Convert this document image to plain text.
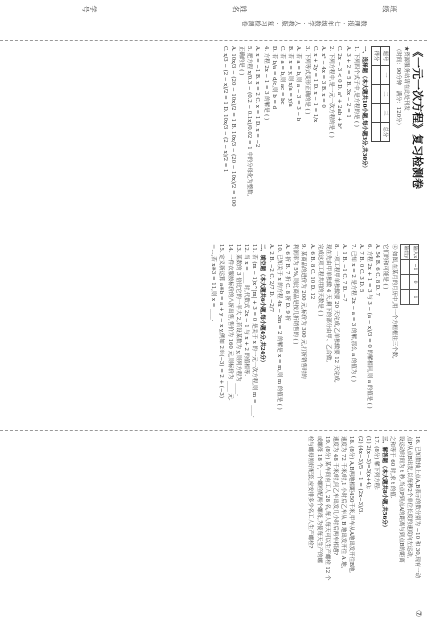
班级
姓名
学号
数理报 · 七年级数学 · 人教版 · 复习检测卷

《一元一次方程》复习检测卷

★资源服务站请在此处刊发

（时间：90分钟　满分：120分）

题号	一	二	三	总分
得分				

一、选择题（本大题共10小题,每小题3分,共30分）

1. 下列四个式子中,是方程的是 ( )

A. 3 + 2 = 5 B. 3x − 2 = 1

C. 2x − 3 < 0 D. a² + 2ab + b²

2. 下列方程中,是一元一次方程的是 ( )

A. x² − 4x = 3 B. x = 0

C. x + 2y = 1 D. x − 1 = 1/x

3. 下列等式变形正确的是 ( )

A. 若 a = b,则 a − 3 = 3 − b

B. 若 x = y,则 x/a = y/a

C. 若 a = b,则 ac = bc

D. 若 b/a = d/c,则 b = d

4. 方程 2x − 1 = 3 的解是 ( )

A. x = −1 B. x = 2 C. x = 1 D. x = −2

5. 把方程 x/0.3 − (0.2 − 0.1x)/0.02 = 1 中的分母化为整数,

正确的是 ( )

A. 10x/3 − (20 − 10x)/2 = 1 B. 10x/3 − (20 − 10x)/2 = 100

C. x/3 − (2 − x)/2 = 1 D. 10x/3 − (2 − x)/2 = 1

输入x	−1	0	1
输出y			

④ 如图,在某月的月历中,用一个方框框住三个数,

它们的和可能是 ( )

A. 54 B. 6 C. 8 D. 7

6. 方程 2x + 1 = 3 与 3 − (a − x)/3 = 0 的解相同,则 a 的值是 ( )

A. 7 B. 0 C. 3 D. 5

7. 已知 x = 2 是方程 2x − a = 3 的解,那么 a 的值为 ( )

A. 1 B. −1 C. 7 D. −7

8. 一项工程甲单独做要 20 天完成,乙单独做要 12 天完成,

现在先由甲单独做 4 天,剩下的部分由甲、乙合做,

完成这项工程共用的天数是 ( )

A. 6 B. 8 C. 10 D. 12

9. 某商品的进价为 200 元,标价为 300 元,打折销售时的

利润率为 5%,则此商品是按几折销售的 ( )

A. 6 折 B. 7 折 C. 8 折 D. 9 折

10. 已知关于 x 的方程 4x − 3m = 2 的解是 x = m,则 m 的值是 ( )

A. 2 B. −2 C. 2/7 D. −2/7

二、填空题（本大题共6小题,每小题4分,共24分）

11. 若 (m − 1)x^|m| + 3 = 0 是关于 x 的一元一次方程,则 m = ____.

12. 当 x = ____ 时,代数式 2x − 1 与 x + 2 的值相等.

13. 某数的 3 倍比它的一半大 2,若设某数为 y,则列方程为 ____.

14. 一件衣服按标价的八折出售,售价为 160 元,则标价为 ____ 元.

15. 定义新运算 a※b = a + y − x y,例如 2※(−3) = 2 + (−3)

＝...,若 x※3 = 11,则 x = ____.

16. 已知数轴上点A,B表示的数分别为 −10 和 30,现有一动

点P从点B出发,以每秒2个单位长度的速度向左运动,

设运动时间为 t 秒,当点P到点A的距离与到点B的距离

之和等于 60 时,求 t 的值.

三、解答题（本大题共8小题,共56分）

17. (8分) 解下列方程:

(1) 2(x−3)=3(x+4);

(2) (4x−3)/5 − 1 = (2x−3)/3.

18. (8分) A,B两地相距450千米,甲车从A地出发开往B地,

速度为 72 千米/时,1 小时后乙车从 B 地出发开往 A 地,

速度为 48 千米/时,问乙车出发几小时后两车相遇?

19. (8分) 某车间有工人 28 名,每人每天可以生产螺栓 12 个

或螺母 18 个,一个螺栓配两个螺母,为使每天生产的螺

栓与螺母刚好配套,应安排多少名工人生产螺栓?

⑦
